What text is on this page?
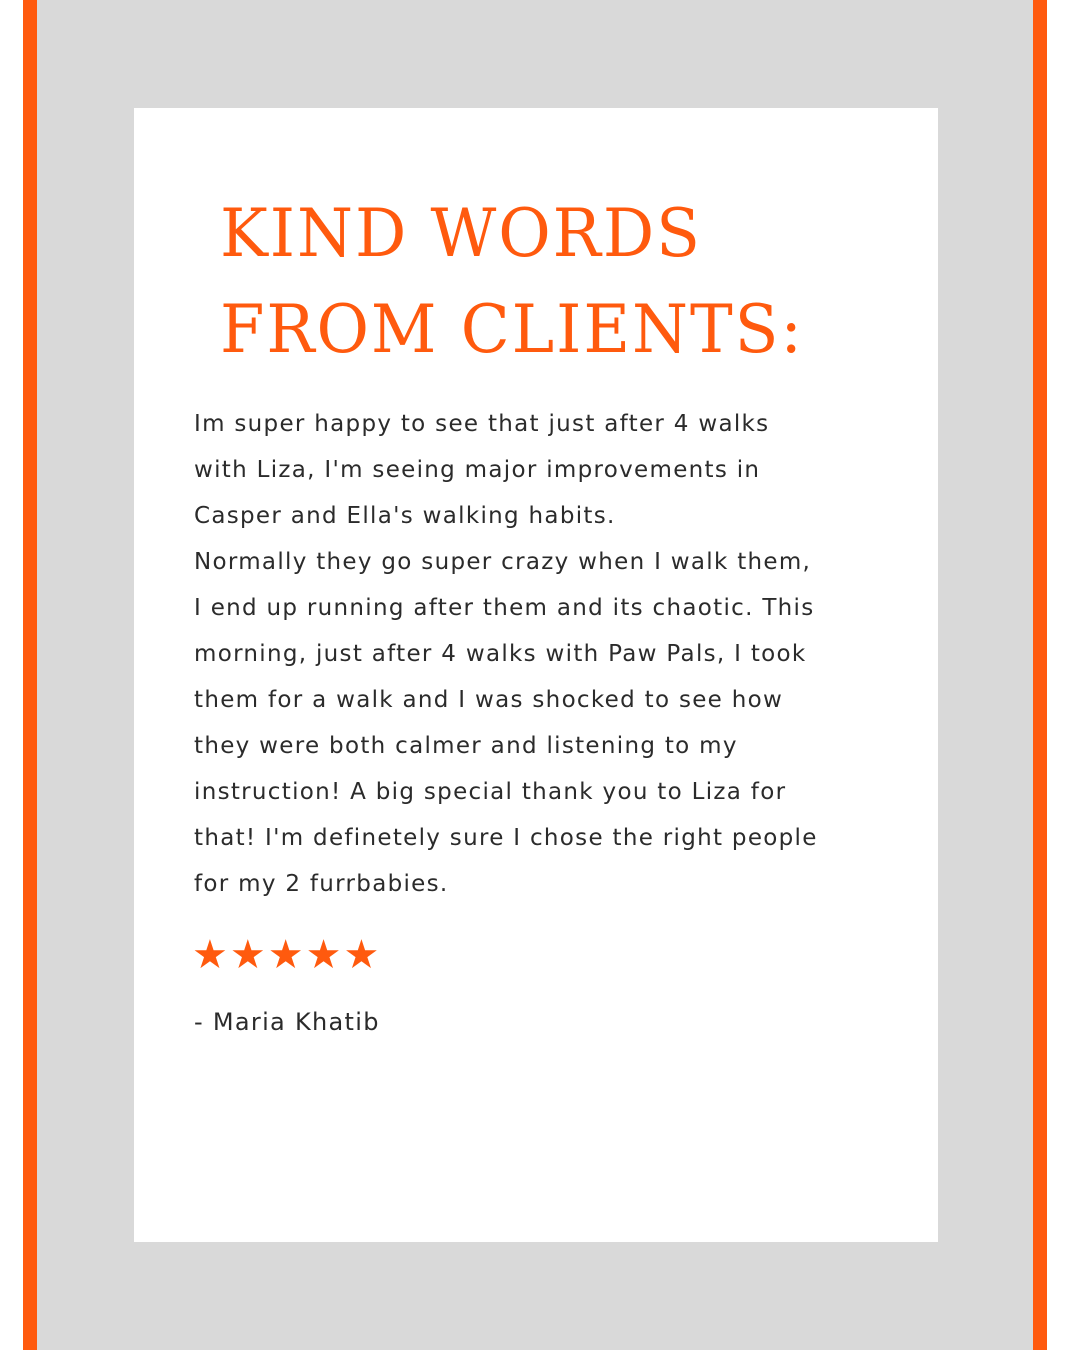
KIND WORDS
FROM CLIENTS:

Im super happy to see that just after 4 walks
with Liza, I'm seeing major improvements in
Casper and Ella's walking habits.
Normally they go super crazy when I walk them,
I end up running after them and its chaotic. This
morning, just after 4 walks with Paw Pals, I took
them for a walk and I was shocked to see how
they were both calmer and listening to my
instruction! A big special thank you to Liza for
that! I'm definetely sure I chose the right people
for my 2 furrbabies.

★★★★★
- Maria Khatib
